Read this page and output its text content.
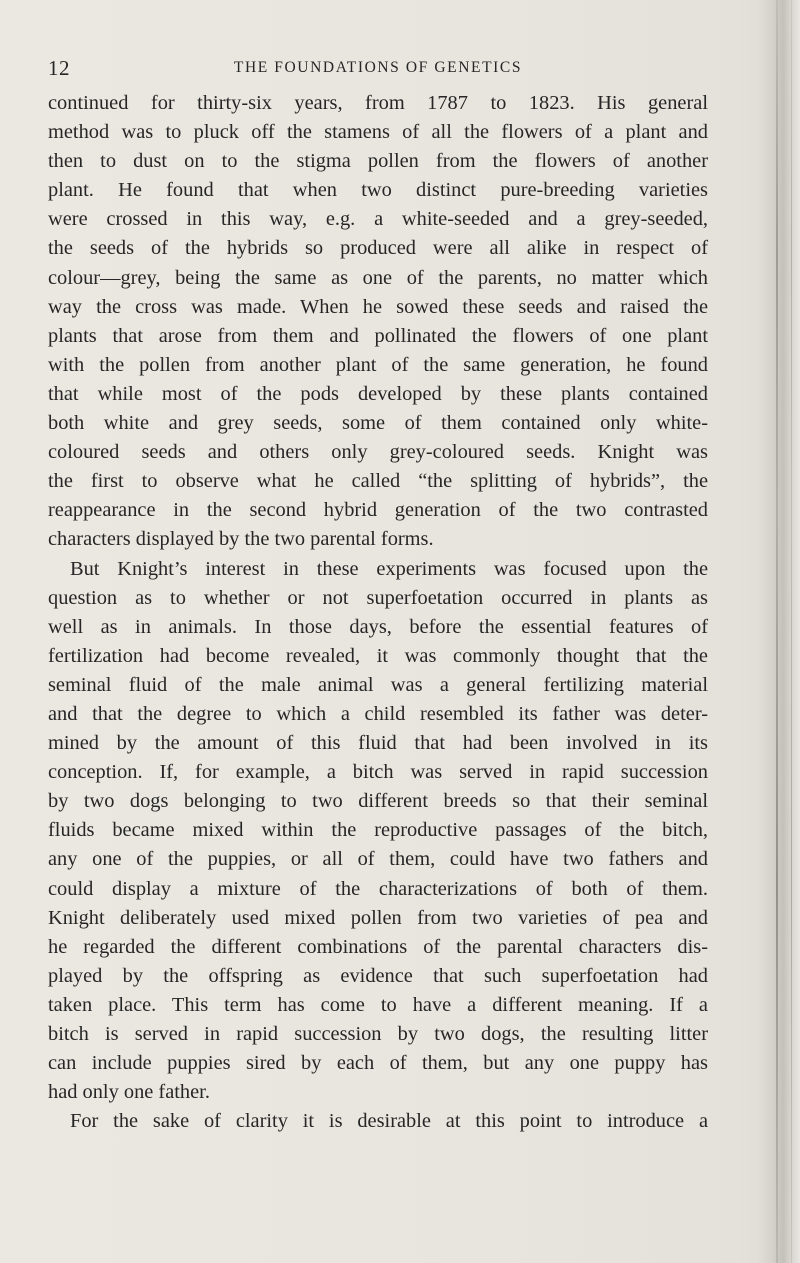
12	THE FOUNDATIONS OF GENETICS
continued for thirty-six years, from 1787 to 1823. His general
method was to pluck off the stamens of all the flowers of a plant and
then to dust on to the stigma pollen from the flowers of another
plant. He found that when two distinct pure-breeding varieties
were crossed in this way, e.g. a white-seeded and a grey-seeded,
the seeds of the hybrids so produced were all alike in respect of
colour—grey, being the same as one of the parents, no matter which
way the cross was made. When he sowed these seeds and raised the
plants that arose from them and pollinated the flowers of one plant
with the pollen from another plant of the same generation, he found
that while most of the pods developed by these plants contained
both white and grey seeds, some of them contained only white-
coloured seeds and others only grey-coloured seeds. Knight was
the first to observe what he called “the splitting of hybrids”, the
reappearance in the second hybrid generation of the two contrasted
characters displayed by the two parental forms.
But Knight’s interest in these experiments was focused upon the
question as to whether or not superfoetation occurred in plants as
well as in animals. In those days, before the essential features of
fertilization had become revealed, it was commonly thought that the
seminal fluid of the male animal was a general fertilizing material
and that the degree to which a child resembled its father was deter-
mined by the amount of this fluid that had been involved in its
conception. If, for example, a bitch was served in rapid succession
by two dogs belonging to two different breeds so that their seminal
fluids became mixed within the reproductive passages of the bitch,
any one of the puppies, or all of them, could have two fathers and
could display a mixture of the characterizations of both of them.
Knight deliberately used mixed pollen from two varieties of pea and
he regarded the different combinations of the parental characters dis-
played by the offspring as evidence that such superfoetation had
taken place. This term has come to have a different meaning. If a
bitch is served in rapid succession by two dogs, the resulting litter
can include puppies sired by each of them, but any one puppy has
had only one father.
For the sake of clarity it is desirable at this point to introduce a
